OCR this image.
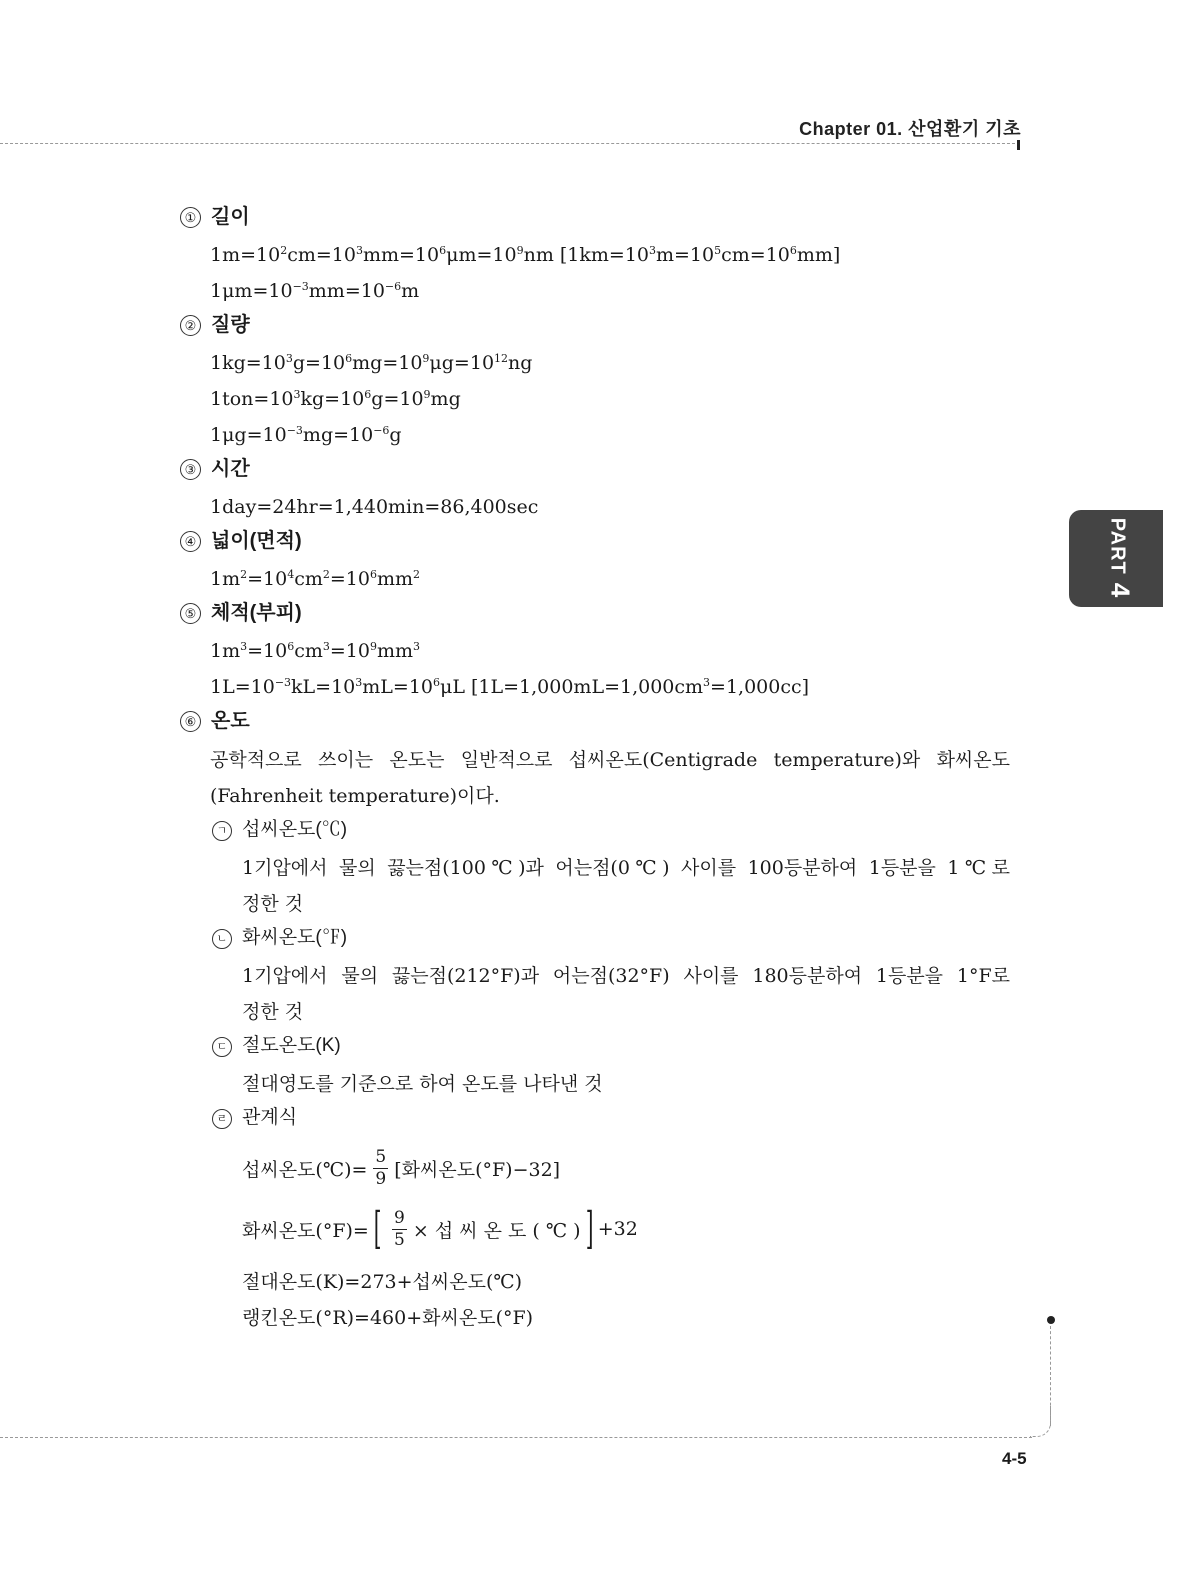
Chapter 01. 산업환기 기초
PART4
① 길이
$1m=10^2cm=10^3mm=10^6\mu m=10^9nm$ $[1km=10^3m=10^5cm=10^6mm]$
$1\mu m=10^{-3}mm=10^{-6}m$
② 질량
$1kg=10^3g=10^6mg=10^9\mu g=10^{12}ng$
$1ton=10^3kg=10^6g=10^9mg$
$1\mu g=10^{-3}mg=10^{-6}g$
③ 시간
1day=24hr=1,440min=86,400sec
④ 넓이(면적)
$1m^2=10^4cm^2=10^6mm^2$
⑤ 체적(부피)
$1m^3=10^6cm^3=10^9mm^3$
$1L=10^{-3}kL=10^3mL=10^6\mu L$ $[1L=1,000mL=1,000cm^3=1,000cc]$
⑥ 온도
공학적으로 쓰이는 온도는 일반적으로 섭씨온도(Centigrade temperature)와 화씨온도
(Fahrenheit temperature)이다.
ㄱ 섭씨온도(℃)
1기압에서 물의 끓는점(100℃)과 어는점(0℃) 사이를 100등분하여 1등분을 1℃로
정한 것
ㄴ 화씨온도(℉)
1기압에서 물의 끓는점(212°F)과 어는점(32°F) 사이를 180등분하여 1등분을 1°F로
정한 것
ㄷ 절도온도(K)
절대영도를 기준으로 하여 온도를 나타낸 것
ㄹ 관계식
섭씨온도(℃)= $\frac{5}{9}$ [화씨온도(°F)−32]
화씨온도(°F)= [ $\frac{9}{5}$ × 섭 씨 온 도 ( ℃ ) ] +32
절대온도(K)=273+섭씨온도(℃)
랭킨온도(°R)=460+화씨온도(°F)
4-5
